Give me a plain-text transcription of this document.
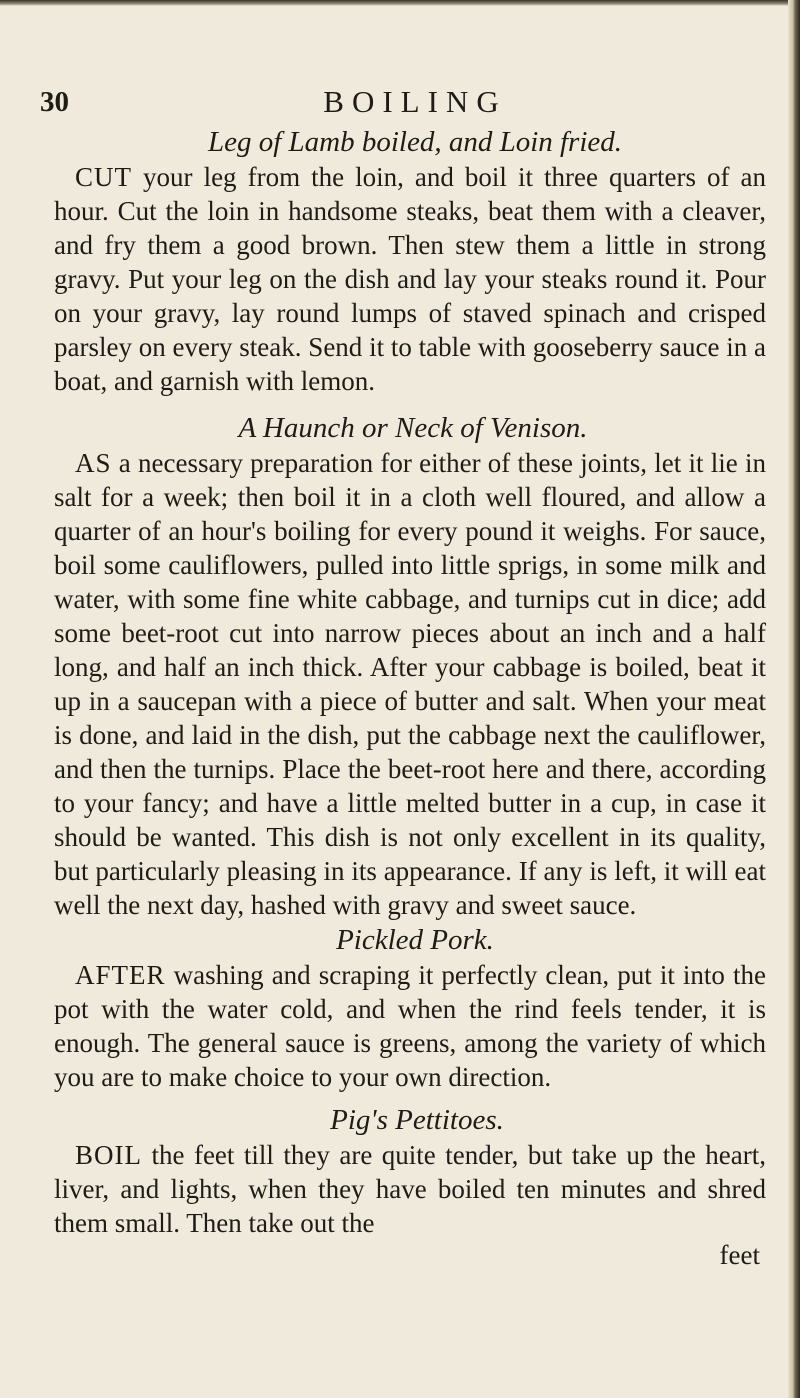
30	BOILING
Leg of Lamb boiled, and Loin fried.

CUT your leg from the loin, and boil it three quarters of an hour. Cut the loin in handsome steaks, beat them with a cleaver, and fry them a good brown. Then stew them a little in strong gravy. Put your leg on the dish and lay your steaks round it. Pour on your gravy, lay round lumps of staved spinach and crisped parsley on every steak. Send it to table with gooseberry sauce in a boat, and garnish with lemon.

A Haunch or Neck of Venison.

AS a necessary preparation for either of these joints, let it lie in salt for a week; then boil it in a cloth well floured, and allow a quarter of an hour's boiling for every pound it weighs. For sauce, boil some cauliflowers, pulled into little sprigs, in some milk and water, with some fine white cabbage, and turnips cut in dice; add some beet-root cut into narrow pieces about an inch and a half long, and half an inch thick. After your cabbage is boiled, beat it up in a saucepan with a piece of butter and salt. When your meat is done, and laid in the dish, put the cabbage next the cauliflower, and then the turnips. Place the beet-root here and there, according to your fancy; and have a little melted butter in a cup, in case it should be wanted. This dish is not only excellent in its quality, but particularly pleasing in its appearance. If any is left, it will eat well the next day, hashed with gravy and sweet sauce.

Pickled Pork.

AFTER washing and scraping it perfectly clean, put it into the pot with the water cold, and when the rind feels tender, it is enough. The general sauce is greens, among the variety of which you are to make choice to your own direction.

Pig's Pettitoes.

BOIL the feet till they are quite tender, but take up the heart, liver, and lights, when they have boiled ten minutes and shred them small. Then take out the

feet
